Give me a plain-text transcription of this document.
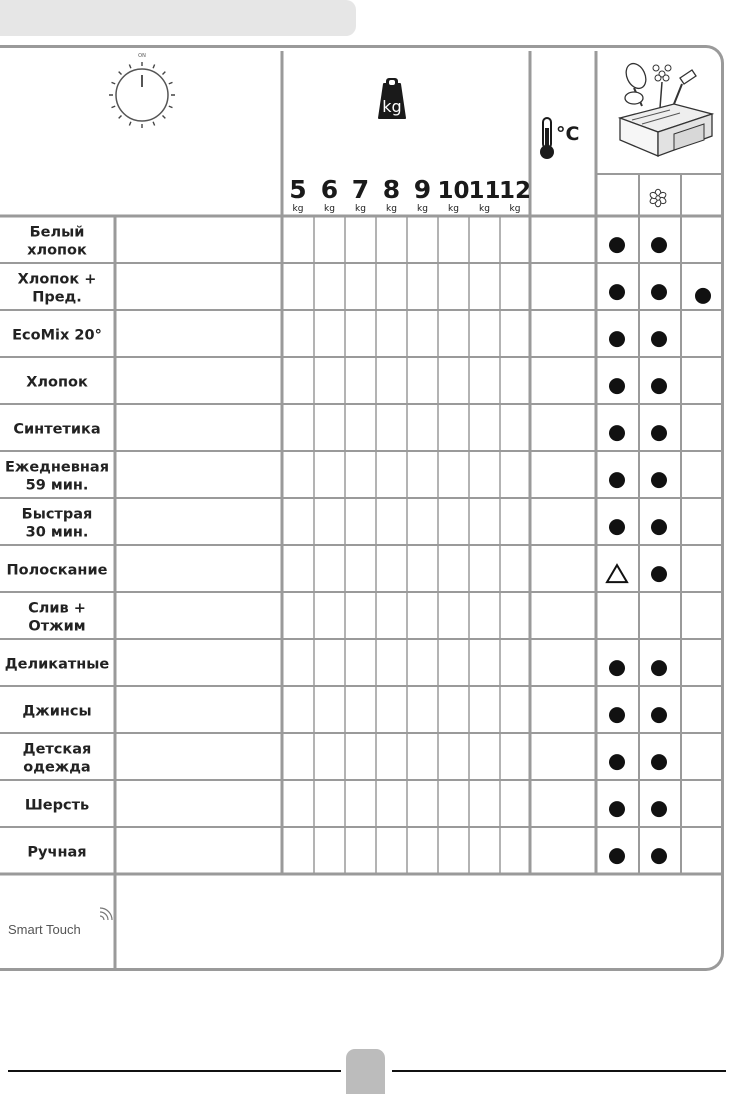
ON
kg
5
kg
6
kg
7
kg
8
kg
9
kg
10
kg
11
kg
12
kg
°C
Белый
хлопок
Хлопок +
Пред.
EcoMix 20°
Хлопок
Синтетика
Ежедневная
59 мин.
Быстрая
30 мин.
Полоскание
Слив +
Отжим
Деликатные
Джинсы
Детская
одежда
Шерсть
Ручная
Smart Touch
